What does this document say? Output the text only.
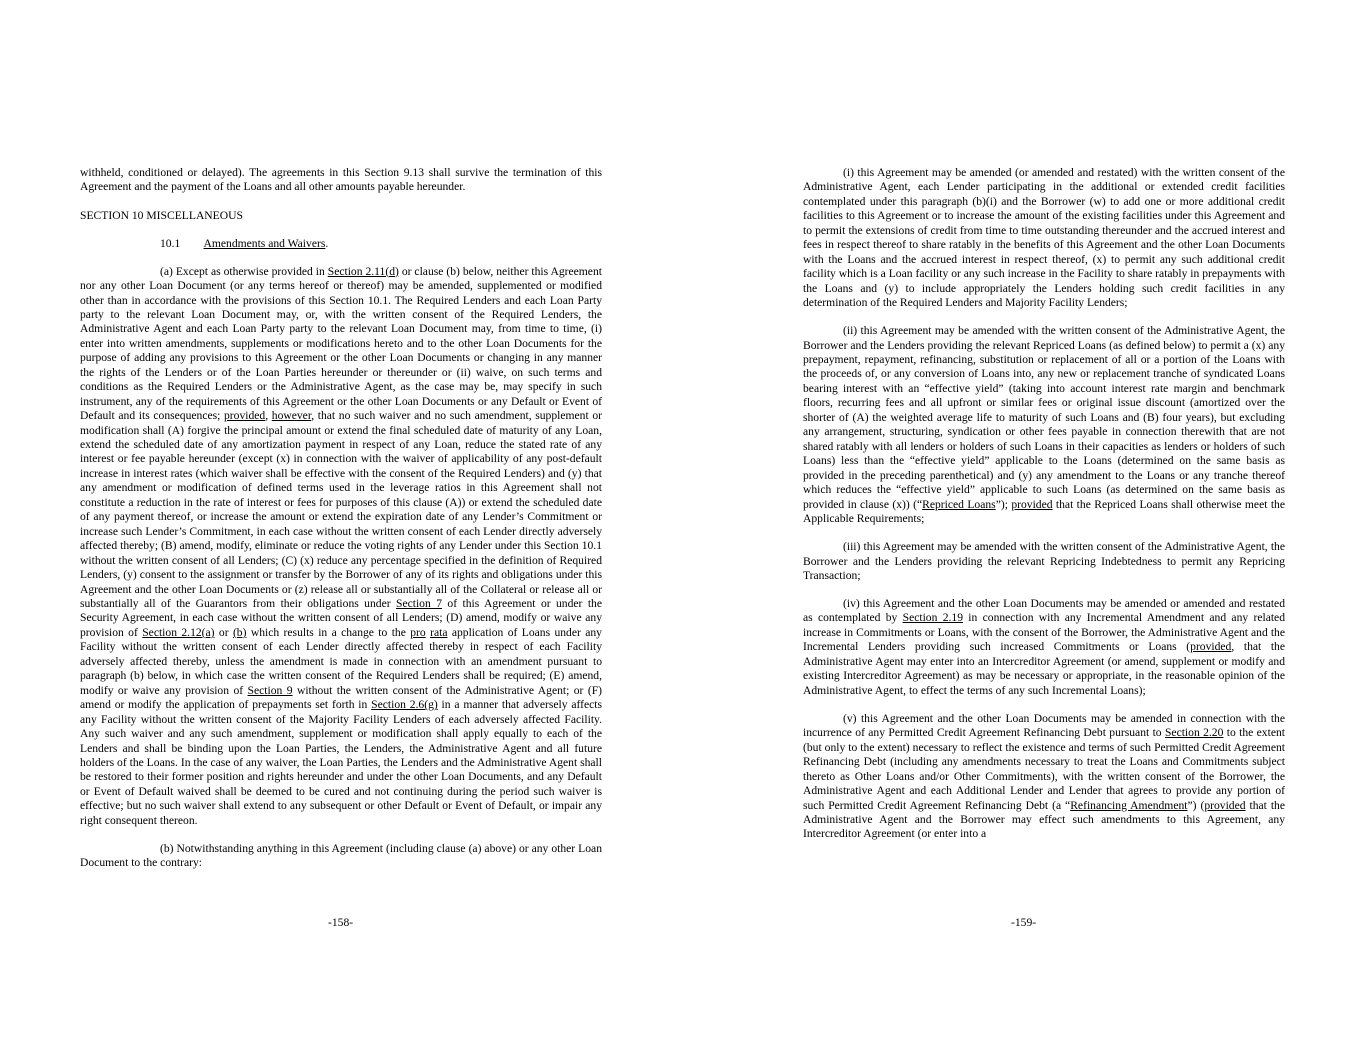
withheld, conditioned or delayed). The agreements in this Section 9.13 shall survive the termination of this Agreement and the payment of the Loans and all other amounts payable hereunder.

SECTION 10 MISCELLANEOUS

10.1 Amendments and Waivers.

(a) Except as otherwise provided in Section 2.11(d) or clause (b) below, neither this Agreement nor any other Loan Document (or any terms hereof or thereof) may be amended, supplemented or modified other than in accordance with the provisions of this Section 10.1. The Required Lenders and each Loan Party party to the relevant Loan Document may, or, with the written consent of the Required Lenders, the Administrative Agent and each Loan Party party to the relevant Loan Document may, from time to time, (i) enter into written amendments, supplements or modifications hereto and to the other Loan Documents for the purpose of adding any provisions to this Agreement or the other Loan Documents or changing in any manner the rights of the Lenders or of the Loan Parties hereunder or thereunder or (ii) waive, on such terms and conditions as the Required Lenders or the Administrative Agent, as the case may be, may specify in such instrument, any of the requirements of this Agreement or the other Loan Documents or any Default or Event of Default and its consequences; provided, however, that no such waiver and no such amendment, supplement or modification shall (A) forgive the principal amount or extend the final scheduled date of maturity of any Loan, extend the scheduled date of any amortization payment in respect of any Loan, reduce the stated rate of any interest or fee payable hereunder (except (x) in connection with the waiver of applicability of any post-default increase in interest rates (which waiver shall be effective with the consent of the Required Lenders) and (y) that any amendment or modification of defined terms used in the leverage ratios in this Agreement shall not constitute a reduction in the rate of interest or fees for purposes of this clause (A)) or extend the scheduled date of any payment thereof, or increase the amount or extend the expiration date of any Lender’s Commitment or increase such Lender’s Commitment, in each case without the written consent of each Lender directly adversely affected thereby; (B) amend, modify, eliminate or reduce the voting rights of any Lender under this Section 10.1 without the written consent of all Lenders; (C) (x) reduce any percentage specified in the definition of Required Lenders, (y) consent to the assignment or transfer by the Borrower of any of its rights and obligations under this Agreement and the other Loan Documents or (z) release all or substantially all of the Collateral or release all or substantially all of the Guarantors from their obligations under Section 7 of this Agreement or under the Security Agreement, in each case without the written consent of all Lenders; (D) amend, modify or waive any provision of Section 2.12(a) or (b) which results in a change to the pro rata application of Loans under any Facility without the written consent of each Lender directly affected thereby in respect of each Facility adversely affected thereby, unless the amendment is made in connection with an amendment pursuant to paragraph (b) below, in which case the written consent of the Required Lenders shall be required; (E) amend, modify or waive any provision of Section 9 without the written consent of the Administrative Agent; or (F) amend or modify the application of prepayments set forth in Section 2.6(g) in a manner that adversely affects any Facility without the written consent of the Majority Facility Lenders of each adversely affected Facility. Any such waiver and any such amendment, supplement or modification shall apply equally to each of the Lenders and shall be binding upon the Loan Parties, the Lenders, the Administrative Agent and all future holders of the Loans. In the case of any waiver, the Loan Parties, the Lenders and the Administrative Agent shall be restored to their former position and rights hereunder and under the other Loan Documents, and any Default or Event of Default waived shall be deemed to be cured and not continuing during the period such waiver is effective; but no such waiver shall extend to any subsequent or other Default or Event of Default, or impair any right consequent thereon.

(b) Notwithstanding anything in this Agreement (including clause (a) above) or any other Loan Document to the contrary:

-158-

(i) this Agreement may be amended (or amended and restated) with the written consent of the Administrative Agent, each Lender participating in the additional or extended credit facilities contemplated under this paragraph (b)(i) and the Borrower (w) to add one or more additional credit facilities to this Agreement or to increase the amount of the existing facilities under this Agreement and to permit the extensions of credit from time to time outstanding thereunder and the accrued interest and fees in respect thereof to share ratably in the benefits of this Agreement and the other Loan Documents with the Loans and the accrued interest in respect thereof, (x) to permit any such additional credit facility which is a Loan facility or any such increase in the Facility to share ratably in prepayments with the Loans and (y) to include appropriately the Lenders holding such credit facilities in any determination of the Required Lenders and Majority Facility Lenders;

(ii) this Agreement may be amended with the written consent of the Administrative Agent, the Borrower and the Lenders providing the relevant Repriced Loans (as defined below) to permit a (x) any prepayment, repayment, refinancing, substitution or replacement of all or a portion of the Loans with the proceeds of, or any conversion of Loans into, any new or replacement tranche of syndicated Loans bearing interest with an “effective yield” (taking into account interest rate margin and benchmark floors, recurring fees and all upfront or similar fees or original issue discount (amortized over the shorter of (A) the weighted average life to maturity of such Loans and (B) four years), but excluding any arrangement, structuring, syndication or other fees payable in connection therewith that are not shared ratably with all lenders or holders of such Loans in their capacities as lenders or holders of such Loans) less than the “effective yield” applicable to the Loans (determined on the same basis as provided in the preceding parenthetical) and (y) any amendment to the Loans or any tranche thereof which reduces the “effective yield” applicable to such Loans (as determined on the same basis as provided in clause (x)) (“Repriced Loans”); provided that the Repriced Loans shall otherwise meet the Applicable Requirements;

(iii) this Agreement may be amended with the written consent of the Administrative Agent, the Borrower and the Lenders providing the relevant Repricing Indebtedness to permit any Repricing Transaction;

(iv) this Agreement and the other Loan Documents may be amended or amended and restated as contemplated by Section 2.19 in connection with any Incremental Amendment and any related increase in Commitments or Loans, with the consent of the Borrower, the Administrative Agent and the Incremental Lenders providing such increased Commitments or Loans (provided, that the Administrative Agent may enter into an Intercreditor Agreement (or amend, supplement or modify and existing Intercreditor Agreement) as may be necessary or appropriate, in the reasonable opinion of the Administrative Agent, to effect the terms of any such Incremental Loans);

(v) this Agreement and the other Loan Documents may be amended in connection with the incurrence of any Permitted Credit Agreement Refinancing Debt pursuant to Section 2.20 to the extent (but only to the extent) necessary to reflect the existence and terms of such Permitted Credit Agreement Refinancing Debt (including any amendments necessary to treat the Loans and Commitments subject thereto as Other Loans and/or Other Commitments), with the written consent of the Borrower, the Administrative Agent and each Additional Lender and Lender that agrees to provide any portion of such Permitted Credit Agreement Refinancing Debt (a “Refinancing Amendment”) (provided that the Administrative Agent and the Borrower may effect such amendments to this Agreement, any Intercreditor Agreement (or enter into a

-159-
